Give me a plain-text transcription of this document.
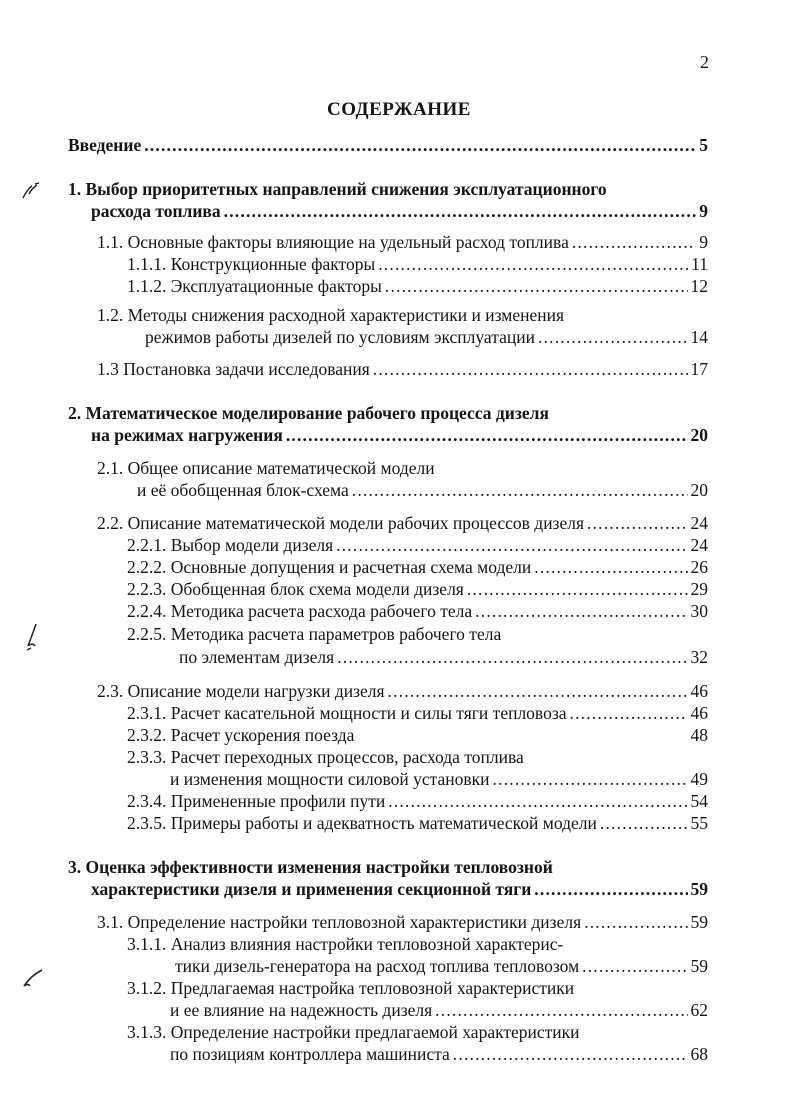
2
СОДЕРЖАНИЕ
Введение .....	5
1. Выбор приоритетных направлений снижения эксплуатационного
расхода топлива .....	9
1.1. Основные факторы влияющие на удельный расход топлива .....	9
1.1.1. Конструкционные факторы .....	11
1.1.2. Эксплуатационные факторы .....	12
1.2. Методы снижения расходной характеристики и изменения
режимов работы дизелей по условиям эксплуатации .....	14
1.3 Постановка задачи исследования .....	17
2. Математическое моделирование рабочего процесса дизеля
на режимах нагружения .....	20
2.1. Общее описание математической модели
и её обобщенная блок-схема .....	20
2.2. Описание математической модели рабочих процессов дизеля .....	24
2.2.1. Выбор модели дизеля .....	24
2.2.2. Основные допущения и расчетная схема модели .....	26
2.2.3. Обобщенная блок схема модели дизеля .....	29
2.2.4. Методика расчета расхода рабочего тела .....	30
2.2.5. Методика расчета параметров рабочего тела
по элементам дизеля .....	32
2.3. Описание модели нагрузки дизеля .....	46
2.3.1. Расчет касательной мощности и силы тяги тепловоза .....	46
2.3.2. Расчет ускорения поезда	48
2.3.3. Расчет переходных процессов, расхода топлива
и изменения мощности силовой установки .....	49
2.3.4. Примененные профили пути .....	54
2.3.5. Примеры работы и адекватность математической модели .....	55
3. Оценка эффективности изменения настройки тепловозной
характеристики дизеля и применения секционной тяги .....	59
3.1. Определение настройки тепловозной характеристики дизеля .....	59
3.1.1. Анализ влияния настройки тепловозной характерис-
тики дизель-генератора на расход топлива тепловозом .....	59
3.1.2. Предлагаемая настройка тепловозной характеристики
и ее влияние на надежность дизеля .....	62
3.1.3. Определение настройки предлагаемой характеристики
по позициям контроллера машиниста .....	68
